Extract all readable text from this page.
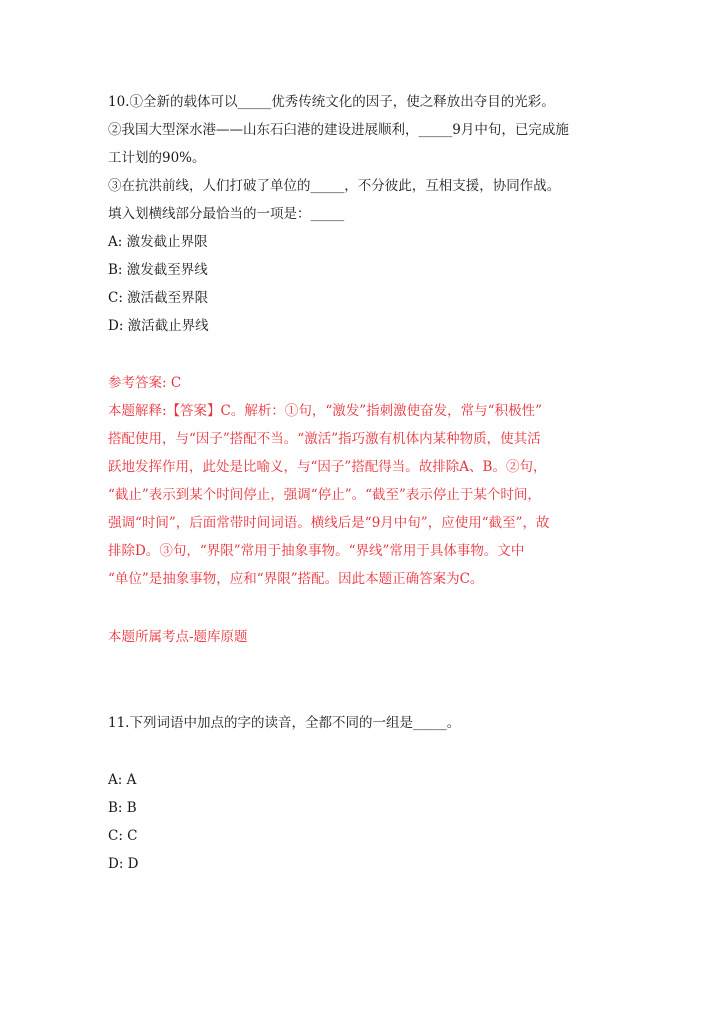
10.①全新的载体可以_____优秀传统文化的因子，使之释放出夺目的光彩。
②我国大型深水港——山东石臼港的建设进展顺利，_____9月中旬，已完成施
工计划的90%。
③在抗洪前线，人们打破了单位的_____，不分彼此，互相支援，协同作战。
填入划横线部分最恰当的一项是：_____
A: 激发截止界限
B: 激发截至界线
C: 激活截至界限
D: 激活截止界线
参考答案: C
本题解释:【答案】C。解析：①句，“激发”指刺激使奋发，常与“积极性”
搭配使用，与“因子”搭配不当。“激活”指巧激有机体内某种物质，使其活
跃地发挥作用，此处是比喻义，与“因子”搭配得当。故排除A、B。②句，
“截止”表示到某个时间停止，强调“停止”。“截至”表示停止于某个时间，
强调“时间”，后面常带时间词语。横线后是“9月中旬”，应使用“截至”，故
排除D。③句，“界限”常用于抽象事物。“界线”常用于具体事物。文中
“单位”是抽象事物，应和“界限”搭配。因此本题正确答案为C。
本题所属考点-题库原题
11.下列词语中加点的字的读音，全都不同的一组是_____。
A: A
B: B
C: C
D: D
